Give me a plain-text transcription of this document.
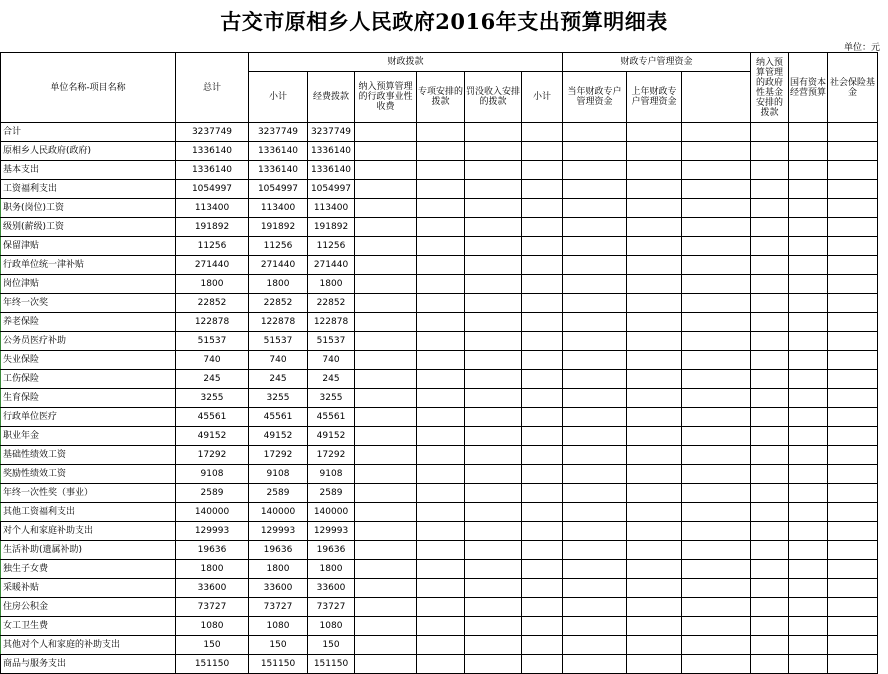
古交市原相乡人民政府2016年支出预算明细表
单位：元
单位名称-项目名称	总计	财政拨款						财政专户管理资金			纳入预算管理的政府性基金安排的拨款	国有资本经营预算	社会保险基金	
		小计	经费拨款	纳入预算管理的行政事业性收费	专项安排的拨款	罚没收入安排的拨款	小计	当年财政专户管理资金	上年财政专户管理资金					
合计	3237749	3237749	3237749											
原相乡人民政府(政府)	1336140	1336140	1336140											
基本支出	1336140	1336140	1336140											
工资福利支出	1054997	1054997	1054997											
职务(岗位)工资	113400	113400	113400											
级别(薪级)工资	191892	191892	191892											
保留津贴	11256	11256	11256											
行政单位统一津补贴	271440	271440	271440											
岗位津贴	1800	1800	1800											
年终一次奖	22852	22852	22852											
养老保险	122878	122878	122878											
公务员医疗补助	51537	51537	51537											
失业保险	740	740	740											
工伤保险	245	245	245											
生育保险	3255	3255	3255											
行政单位医疗	45561	45561	45561											
职业年金	49152	49152	49152											
基础性绩效工资	17292	17292	17292											
奖励性绩效工资	9108	9108	9108											
年终一次性奖（事业）	2589	2589	2589											
其他工资福利支出	140000	140000	140000											
对个人和家庭补助支出	129993	129993	129993											
生活补助(遗属补助)	19636	19636	19636											
独生子女费	1800	1800	1800											
采暖补贴	33600	33600	33600											
住房公积金	73727	73727	73727											
女工卫生费	1080	1080	1080											
其他对个人和家庭的补助支出	150	150	150											
商品与服务支出	151150	151150	151150											
